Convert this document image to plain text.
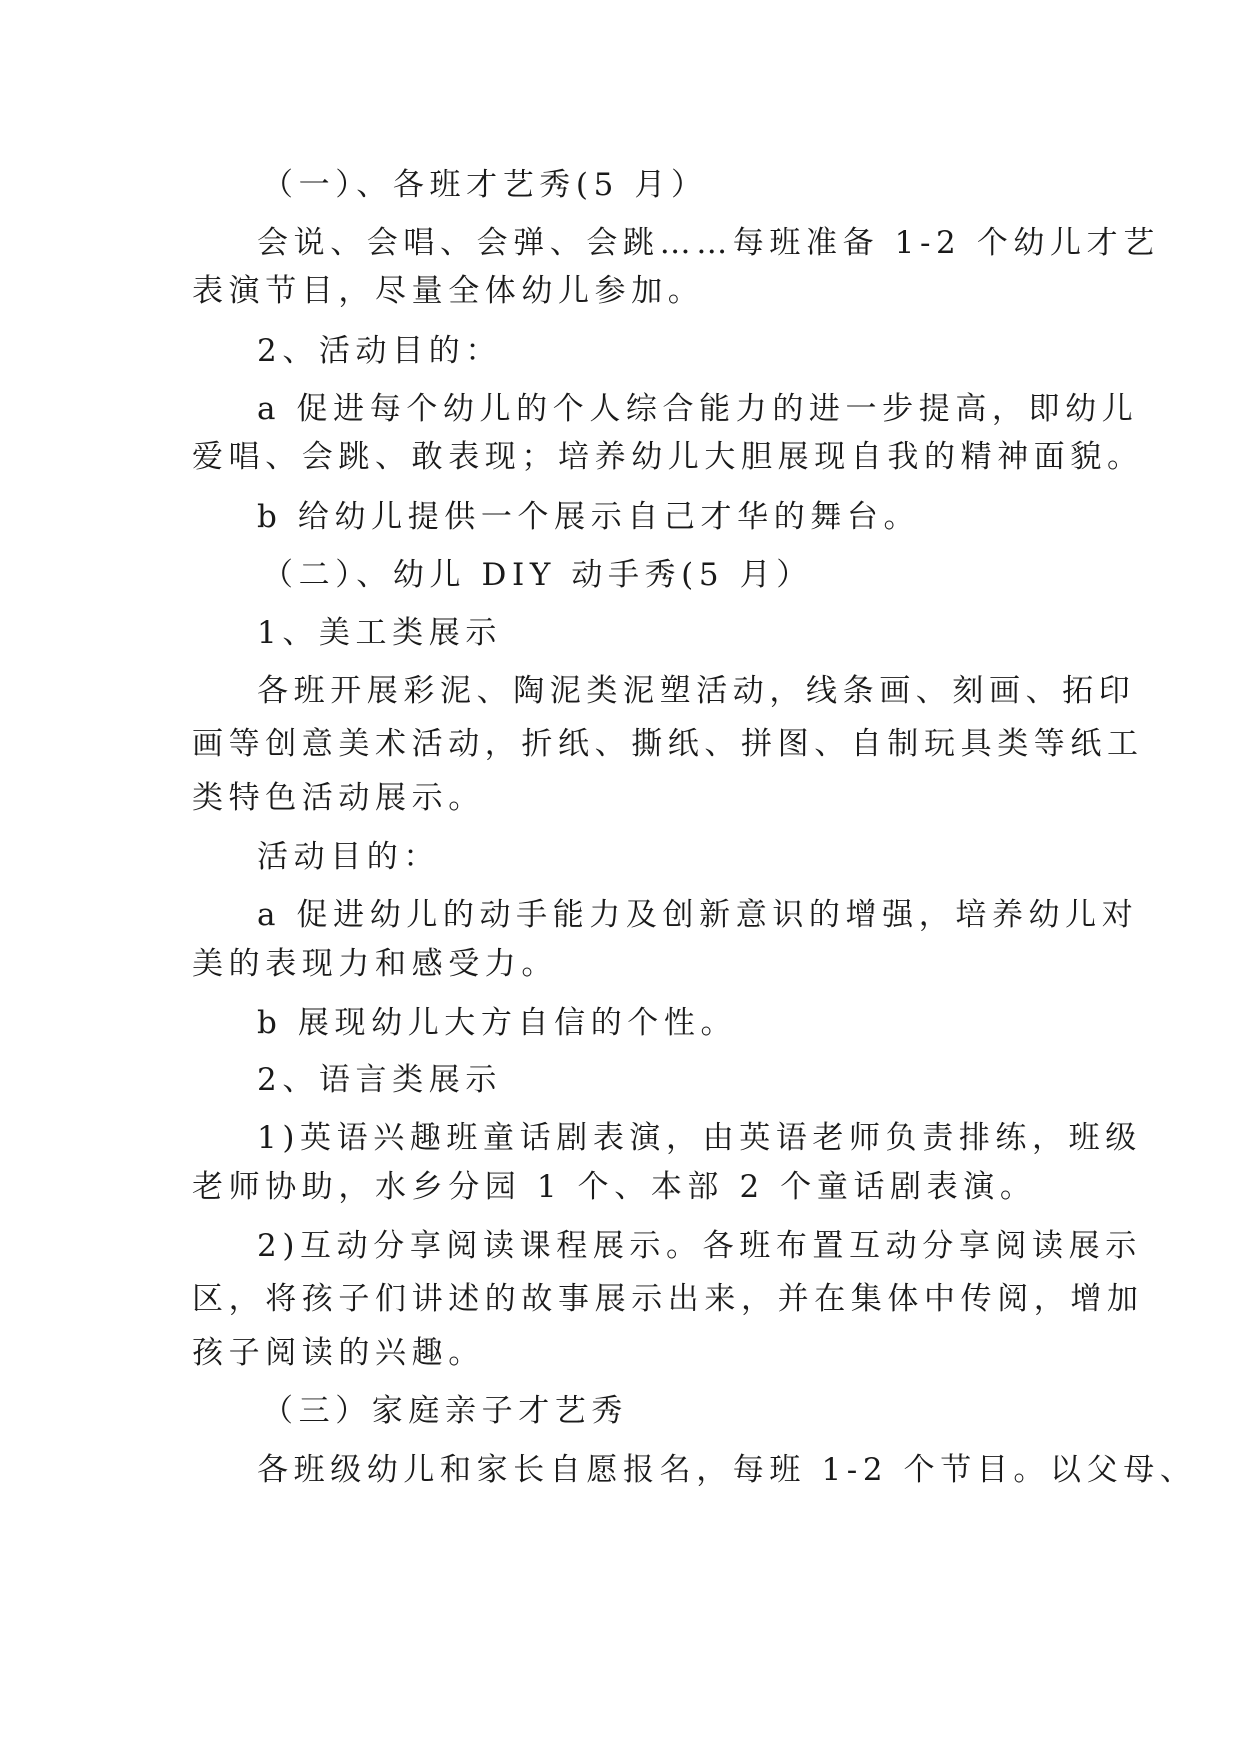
（一）、各班才艺秀(5 月）
会说、会唱、会弹、会跳……每班准备 1-2 个幼儿才艺
表演节目，尽量全体幼儿参加。
2、活动目的：
a 促进每个幼儿的个人综合能力的进一步提高，即幼儿
爱唱、会跳、敢表现；培养幼儿大胆展现自我的精神面貌。
b 给幼儿提供一个展示自己才华的舞台。
（二）、幼儿 DIY 动手秀(5 月）
1、美工类展示
各班开展彩泥、陶泥类泥塑活动，线条画、刻画、拓印
画等创意美术活动，折纸、撕纸、拼图、自制玩具类等纸工
类特色活动展示。
活动目的：
a 促进幼儿的动手能力及创新意识的增强，培养幼儿对
美的表现力和感受力。
b 展现幼儿大方自信的个性。
2、语言类展示
1)英语兴趣班童话剧表演，由英语老师负责排练，班级
老师协助，水乡分园 1 个、本部 2 个童话剧表演。
2)互动分享阅读课程展示。各班布置互动分享阅读展示
区，将孩子们讲述的故事展示出来，并在集体中传阅，增加
孩子阅读的兴趣。
（三）家庭亲子才艺秀
各班级幼儿和家长自愿报名，每班 1-2 个节目。以父母、
